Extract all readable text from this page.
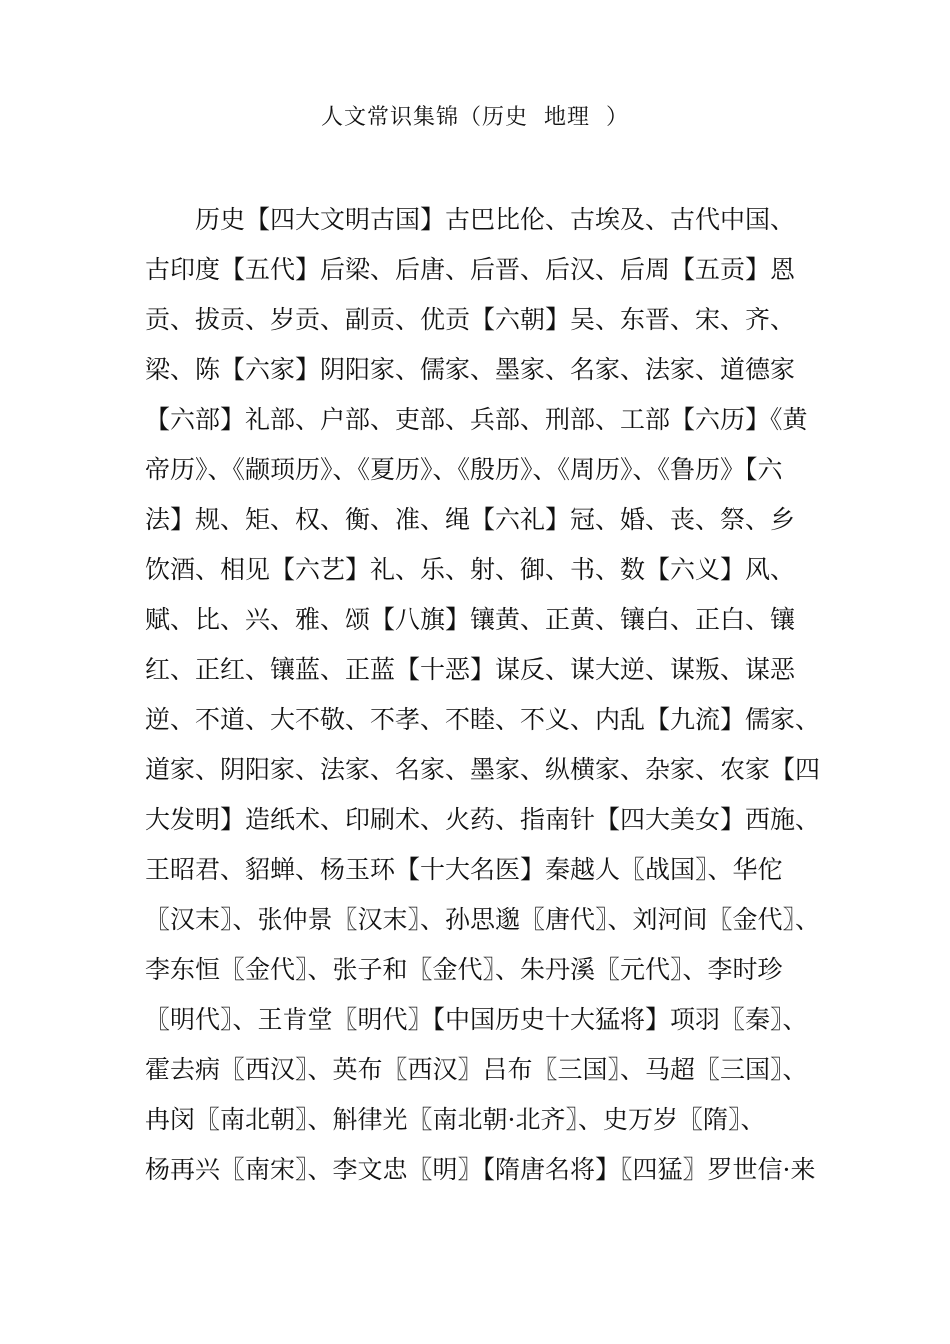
人文常识集锦（历史  地理  ）
历史【四大文明古国】古巴比伦、古埃及、古代中国、
古印度【五代】后梁、后唐、后晋、后汉、后周【五贡】恩
贡、拔贡、岁贡、副贡、优贡【六朝】吴、东晋、宋、齐、
梁、陈【六家】阴阳家、儒家、墨家、名家、法家、道德家
【六部】礼部、户部、吏部、兵部、刑部、工部【六历】《黄
帝历》、《颛顼历》、《夏历》、《殷历》、《周历》、《鲁历》【六
法】规、矩、权、衡、准、绳【六礼】冠、婚、丧、祭、乡
饮酒、相见【六艺】礼、乐、射、御、书、数【六义】风、
赋、比、兴、雅、颂【八旗】镶黄、正黄、镶白、正白、镶
红、正红、镶蓝、正蓝【十恶】谋反、谋大逆、谋叛、谋恶
逆、不道、大不敬、不孝、不睦、不义、内乱【九流】儒家、
道家、阴阳家、法家、名家、墨家、纵横家、杂家、农家【四
大发明】造纸术、印刷术、火药、指南针【四大美女】西施、
王昭君、貂蝉、杨玉环【十大名医】秦越人〖战国〗、华佗
〖汉末〗、张仲景〖汉末〗、孙思邈〖唐代〗、刘河间〖金代〗、
李东恒〖金代〗、张子和〖金代〗、朱丹溪〖元代〗、李时珍
〖明代〗、王肯堂〖明代〗【中国历史十大猛将】项羽〖秦〗、
霍去病〖西汉〗、英布〖西汉〗吕布〖三国〗、马超〖三国〗、
冉闵〖南北朝〗、斛律光〖南北朝·北齐〗、史万岁〖隋〗、
杨再兴〖南宋〗、李文忠〖明〗【隋唐名将】〖四猛〗罗世信·来
